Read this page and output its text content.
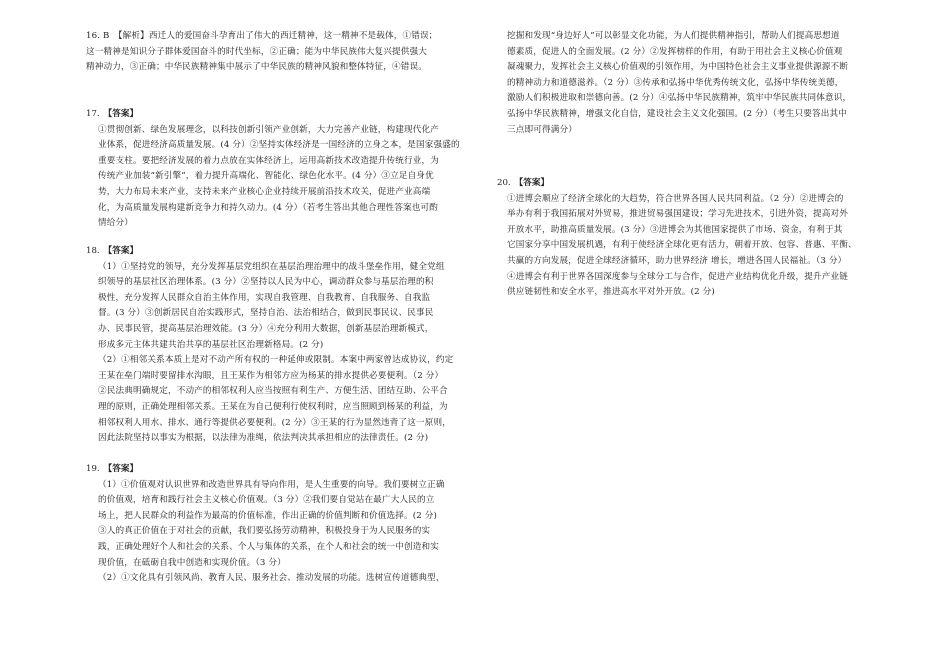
16. B　【解析】西迁人的爱国奋斗孕育出了伟大的西迁精神，这一精神不是载体，①错误；
这一精神是知识分子群体爱国奋斗的时代坐标，②正确；能为中华民族伟大复兴提供强大
精神动力，③正确；中华民族精神集中展示了中华民族的精神风貌和整体特征，④错误。
17. 【答案】
①贯彻创新、绿色发展理念，以科技创新引领产业创新，大力完善产业链，构建现代化产
业体系，促进经济高质量发展。(4 分）②坚持实体经济是一国经济的立身之本，是国家强盛的
重要支柱。要把经济发展的着力点放在实体经济上，运用高新技术改造提升传统行业，为
传统产业加装“新引擎”，着力提升高端化、智能化、绿色化水平。(4 分）③立足自身优
势，大力布局未来产业，支持未来产业核心企业持续开展前沿技术攻关，促进产业高端
化，为高质量发展构建新竞争力和持久动力。(4 分）（若考生答出其他合理性答案也可酌
情给分）
18. 【答案】
（1）①坚持党的领导，充分发挥基层党组织在基层治理治理中的战斗堡垒作用，健全党组
织领导的基层社区治理体系。(3 分）②坚持以人民为中心，调动群众参与基层治理的积
极性，充分发挥人民群众自治主体作用，实现自我管理、自我教育、自我服务、自我监
督。(3 分）③创新居民自治实践形式，坚持自治、法治相结合，做到民事民议、民事民
办、民事民管，提高基层治理效能。(3 分）④充分利用大数据，创新基层治理新模式，
形成多元主体共建共治共享的基层社区治理新格局。(2 分)
（2）①相邻关系本质上是对不动产所有权的一种延伸或限制。本案中两家曾达成协议，约定
王某在垒门端时要留排水沟眼，且王某作为相邻方应为杨某的排水提供必要便利。（2 分）
②民法典明确规定，不动产的相邻权利人应当按照有利生产、方便生活、团结互助、公平合
理的原则，正确处理相邻关系。王某在为自己便利行使权利时，应当照顾到杨某的利益，为
相邻权利人用水、排水、通行等提供必要便利。(2 分）③王某的行为显然违背了这一原则，
因此法院坚持以事实为根据，以法律为准绳，依法判决其承担相应的法律责任。(2 分)
19. 【答案】
（1）①价值观对认识世界和改造世界具有导向作用，是人生重要的向导。我们要树立正确
的价值观，培育和践行社会主义核心价值观。（3 分）②我们要自觉站在最广大人民的立
场上，把人民群众的利益作为最高的价值标准，作出正确的价值判断和价值选择。(2 分)
③人的真正价值在于对社会的贡献，我们要弘扬劳动精神，积极投身于为人民服务的实
践，正确处理好个人和社会的关系、个人与集体的关系，在个人和社会的统一中创造和实
现价值，在砥砺自我中创造和实现价值。（3 分）
（2）①文化具有引领风尚、教育人民、服务社会、推动发展的功能。选树宣传道德典型，
挖掘和发现“身边好人”可以彰显文化功能，为人们提供精神指引，帮助人们提高思想道
德素质，促进人的全面发展。(2 分）②发挥榜样的作用，有助于用社会主义核心价值观
凝魂聚力，发挥社会主义核心价值观的引领作用，为中国特色社会主义事业提供源源不断
的精神动力和道德滋养。（2 分）③传承和弘扬中华优秀传统文化，弘扬中华传统美德，
激励人们积极进取和崇德向善。(2 分）④弘扬中华民族精神，筑牢中华民族共同体意识，
弘扬中华民族精神，增强文化自信，建设社会主义文化强国。(2 分）（考生只要答出其中
三点即可得满分）
20. 【答案】
①进博会顺应了经济全球化的大趋势，符合世界各国人民共同利益。（2 分）②进博会的
举办有利于我国拓展对外贸易，推进贸易强国建设；学习先进技术，引进外资，提高对外
开放水平，助推高质量发展。(3 分）③进博会为其他国家提供了市场、资金，有利于其
它国家分享中国发展机遇，有利于使经济全球化更有活力，朝着开放、包容、普惠、平衡、
共赢的方向发展，促进全球经济循环，助力世界经济 增长，增进各国人民福祉。（3 分）
④进博会有利于世界各国深度参与全球分工与合作，促进产业结构优化升级，提升产业链
供应链韧性和安全水平，推进高水平对外开放。(2 分)
